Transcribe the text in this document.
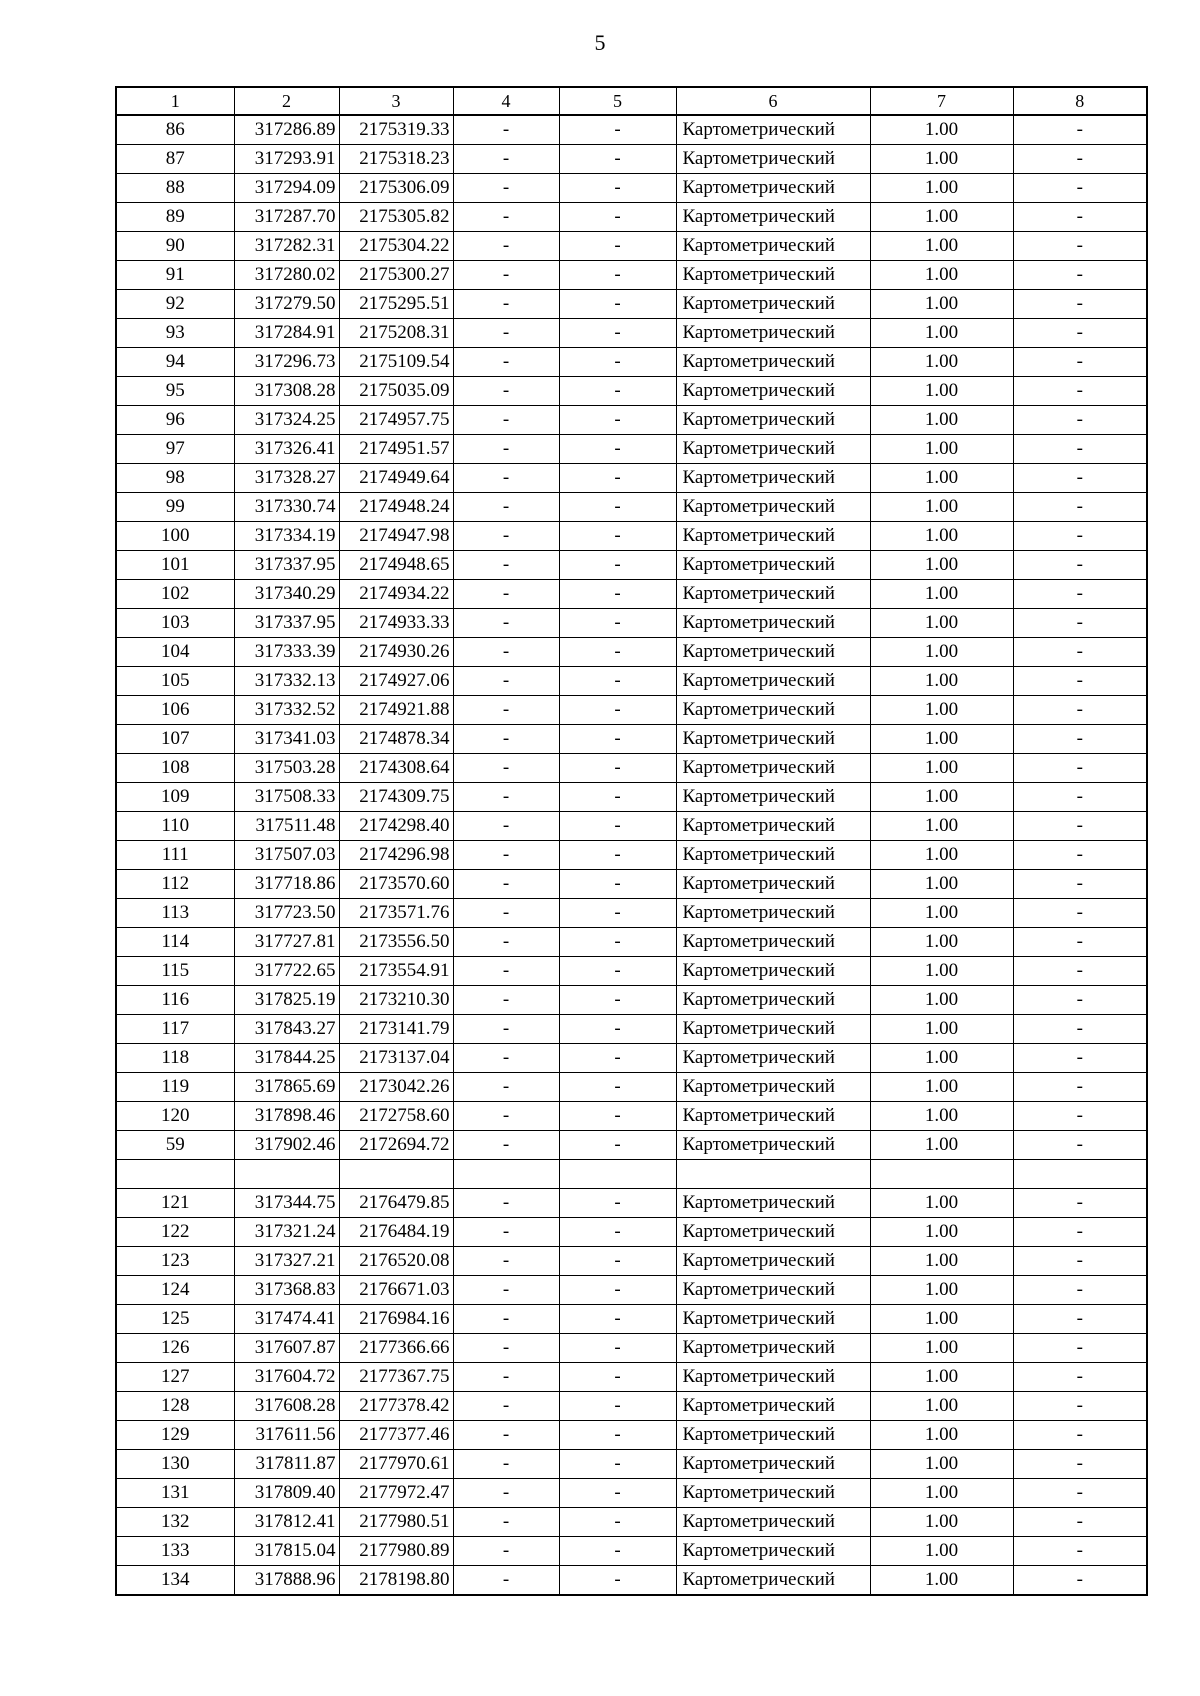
5
1	2	3	4	5	6	7	8
86	317286.89	2175319.33	-	-	Картометрический	1.00	-
87	317293.91	2175318.23	-	-	Картометрический	1.00	-
88	317294.09	2175306.09	-	-	Картометрический	1.00	-
89	317287.70	2175305.82	-	-	Картометрический	1.00	-
90	317282.31	2175304.22	-	-	Картометрический	1.00	-
91	317280.02	2175300.27	-	-	Картометрический	1.00	-
92	317279.50	2175295.51	-	-	Картометрический	1.00	-
93	317284.91	2175208.31	-	-	Картометрический	1.00	-
94	317296.73	2175109.54	-	-	Картометрический	1.00	-
95	317308.28	2175035.09	-	-	Картометрический	1.00	-
96	317324.25	2174957.75	-	-	Картометрический	1.00	-
97	317326.41	2174951.57	-	-	Картометрический	1.00	-
98	317328.27	2174949.64	-	-	Картометрический	1.00	-
99	317330.74	2174948.24	-	-	Картометрический	1.00	-
100	317334.19	2174947.98	-	-	Картометрический	1.00	-
101	317337.95	2174948.65	-	-	Картометрический	1.00	-
102	317340.29	2174934.22	-	-	Картометрический	1.00	-
103	317337.95	2174933.33	-	-	Картометрический	1.00	-
104	317333.39	2174930.26	-	-	Картометрический	1.00	-
105	317332.13	2174927.06	-	-	Картометрический	1.00	-
106	317332.52	2174921.88	-	-	Картометрический	1.00	-
107	317341.03	2174878.34	-	-	Картометрический	1.00	-
108	317503.28	2174308.64	-	-	Картометрический	1.00	-
109	317508.33	2174309.75	-	-	Картометрический	1.00	-
110	317511.48	2174298.40	-	-	Картометрический	1.00	-
111	317507.03	2174296.98	-	-	Картометрический	1.00	-
112	317718.86	2173570.60	-	-	Картометрический	1.00	-
113	317723.50	2173571.76	-	-	Картометрический	1.00	-
114	317727.81	2173556.50	-	-	Картометрический	1.00	-
115	317722.65	2173554.91	-	-	Картометрический	1.00	-
116	317825.19	2173210.30	-	-	Картометрический	1.00	-
117	317843.27	2173141.79	-	-	Картометрический	1.00	-
118	317844.25	2173137.04	-	-	Картометрический	1.00	-
119	317865.69	2173042.26	-	-	Картометрический	1.00	-
120	317898.46	2172758.60	-	-	Картометрический	1.00	-
59	317902.46	2172694.72	-	-	Картометрический	1.00	-

121	317344.75	2176479.85	-	-	Картометрический	1.00	-
122	317321.24	2176484.19	-	-	Картометрический	1.00	-
123	317327.21	2176520.08	-	-	Картометрический	1.00	-
124	317368.83	2176671.03	-	-	Картометрический	1.00	-
125	317474.41	2176984.16	-	-	Картометрический	1.00	-
126	317607.87	2177366.66	-	-	Картометрический	1.00	-
127	317604.72	2177367.75	-	-	Картометрический	1.00	-
128	317608.28	2177378.42	-	-	Картометрический	1.00	-
129	317611.56	2177377.46	-	-	Картометрический	1.00	-
130	317811.87	2177970.61	-	-	Картометрический	1.00	-
131	317809.40	2177972.47	-	-	Картометрический	1.00	-
132	317812.41	2177980.51	-	-	Картометрический	1.00	-
133	317815.04	2177980.89	-	-	Картометрический	1.00	-
134	317888.96	2178198.80	-	-	Картометрический	1.00	-
